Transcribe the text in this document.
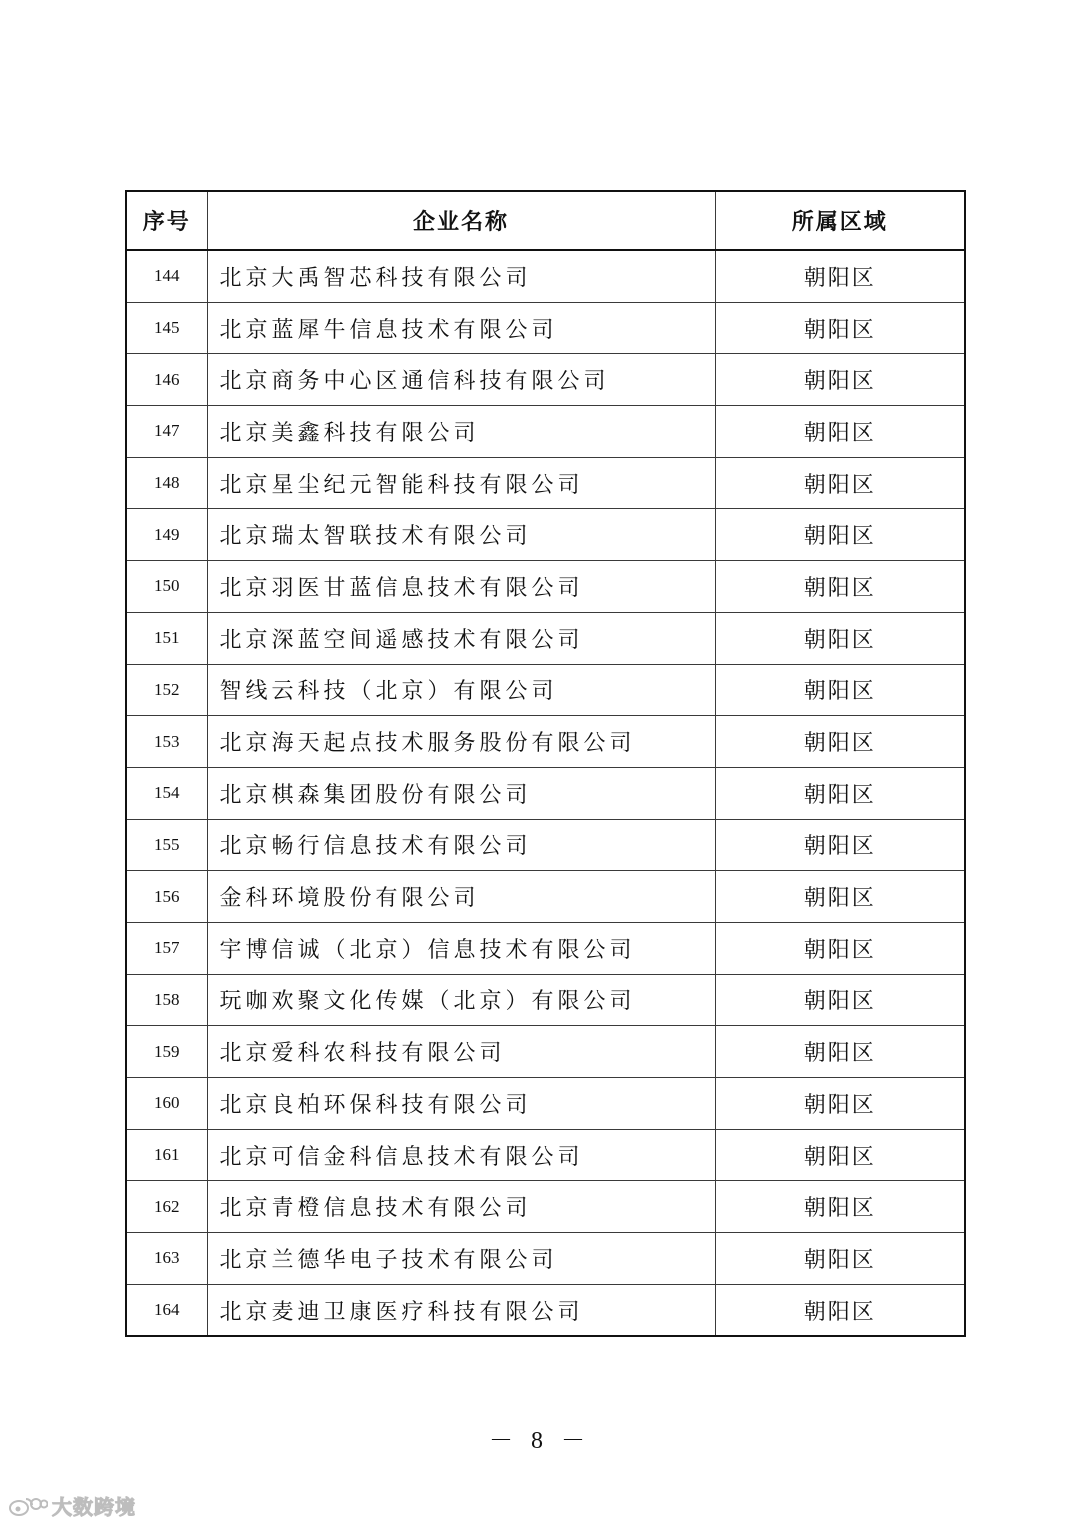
序号	企业名称	所属区域
144	北京大禹智芯科技有限公司	朝阳区
145	北京蓝犀牛信息技术有限公司	朝阳区
146	北京商务中心区通信科技有限公司	朝阳区
147	北京美鑫科技有限公司	朝阳区
148	北京星尘纪元智能科技有限公司	朝阳区
149	北京瑞太智联技术有限公司	朝阳区
150	北京羽医甘蓝信息技术有限公司	朝阳区
151	北京深蓝空间遥感技术有限公司	朝阳区
152	智线云科技（北京）有限公司	朝阳区
153	北京海天起点技术服务股份有限公司	朝阳区
154	北京棋森集团股份有限公司	朝阳区
155	北京畅行信息技术有限公司	朝阳区
156	金科环境股份有限公司	朝阳区
157	宇博信诚（北京）信息技术有限公司	朝阳区
158	玩咖欢聚文化传媒（北京）有限公司	朝阳区
159	北京爱科农科技有限公司	朝阳区
160	北京良柏环保科技有限公司	朝阳区
161	北京可信金科信息技术有限公司	朝阳区
162	北京青橙信息技术有限公司	朝阳区
163	北京兰德华电子技术有限公司	朝阳区
164	北京麦迪卫康医疗科技有限公司	朝阳区
－ 8 －
大数跨境
